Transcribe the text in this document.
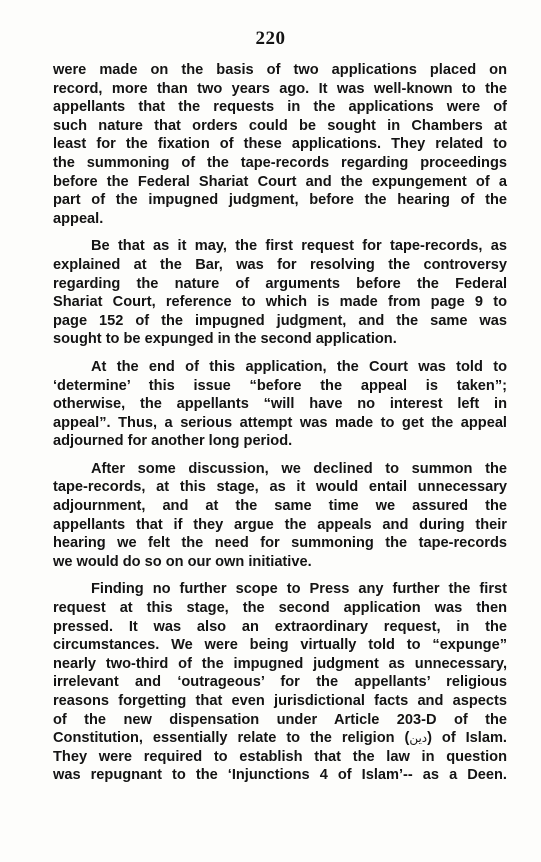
220

were made on the basis of two applications placed on
record, more than two years ago. It was well-known to the
appellants that the requests in the applications were of
such nature that orders could be sought in Chambers at
least for the fixation of these applications. They related to
the summoning of the tape-records regarding proceedings
before the Federal Shariat Court and the expungement of a
part of the impugned judgment, before the hearing of the
appeal.

Be that as it may, the first request for tape-records, as
explained at the Bar, was for resolving the controversy
regarding the nature of arguments before the Federal
Shariat Court, reference to which is made from page 9 to
page 152 of the impugned judgment, and the same was
sought to be expunged in the second application.

At the end of this application, the Court was told to
‘determine’ this issue “before the appeal is taken”;
otherwise, the appellants “will have no interest left in
appeal”. Thus, a serious attempt was made to get the appeal
adjourned for another long period.

After some discussion, we declined to summon the
tape-records, at this stage, as it would entail unnecessary
adjournment, and at the same time we assured the
appellants that if they argue the appeals and during their
hearing we felt the need for summoning the tape-records
we would do so on our own initiative.

Finding no further scope to Press any further the first
request at this stage, the second application was then
pressed. It was also an extraordinary request, in the
circumstances. We were being virtually told to “expunge”
nearly two-third of the impugned judgment as unnecessary,
irrelevant and ‘outrageous’ for the appellants’ religious
reasons forgetting that even jurisdictional facts and aspects
of the new dispensation under Article 203-D of the
Constitution, essentially relate to the religion (دين) of Islam.
They were required to establish that the law in question
was repugnant to the ‘Injunctions 4 of Islam’-- as a Deen.
